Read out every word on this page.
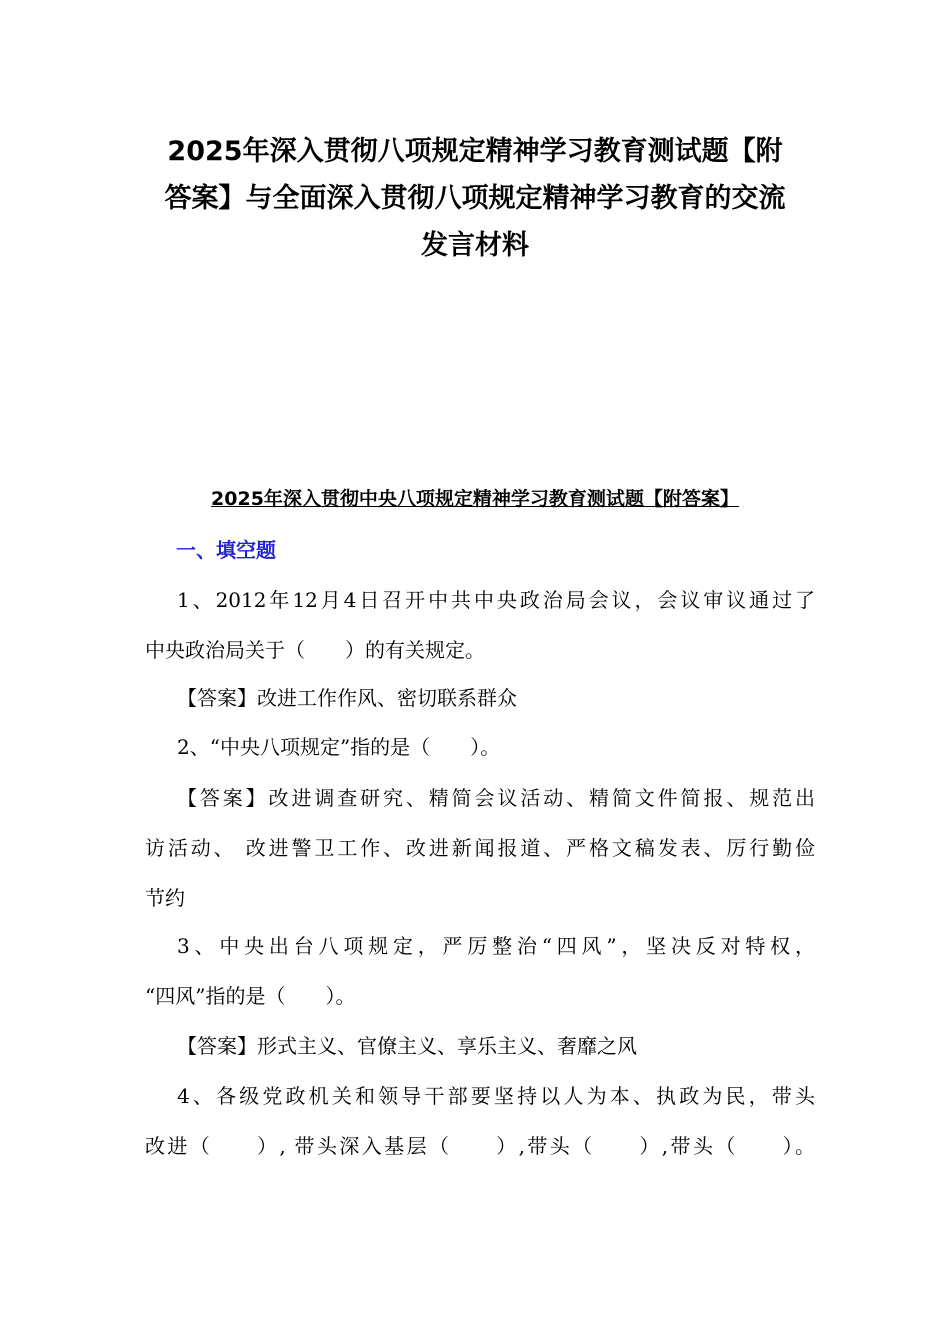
2025年深入贯彻八项规定精神学习教育测试题【附
答案】与全面深入贯彻八项规定精神学习教育的交流
发言材料
2025年深入贯彻中央八项规定精神学习教育测试题【附答案】
一、填空题

1、2012年12月4日召开中共中央政治局会议，会议审议通过了
中央政治局关于（　　）的有关规定。

【答案】改进工作作风、密切联系群众

2、“中央八项规定”指的是（　　）。

【答案】改进调查研究、精简会议活动、精简文件简报、规范出
访活动、 改进警卫工作、改进新闻报道、严格文稿发表、厉行勤俭
节约

3、中央出台八项规定，严厉整治“四风”，坚决反对特权，
“四风”指的是（　　）。

【答案】形式主义、官僚主义、享乐主义、奢靡之风

4、各级党政机关和领导干部要坚持以人为本、执政为民，带头
改进（　　）, 带头深入基层（　　）,带头（　　）,带头（　　）。
